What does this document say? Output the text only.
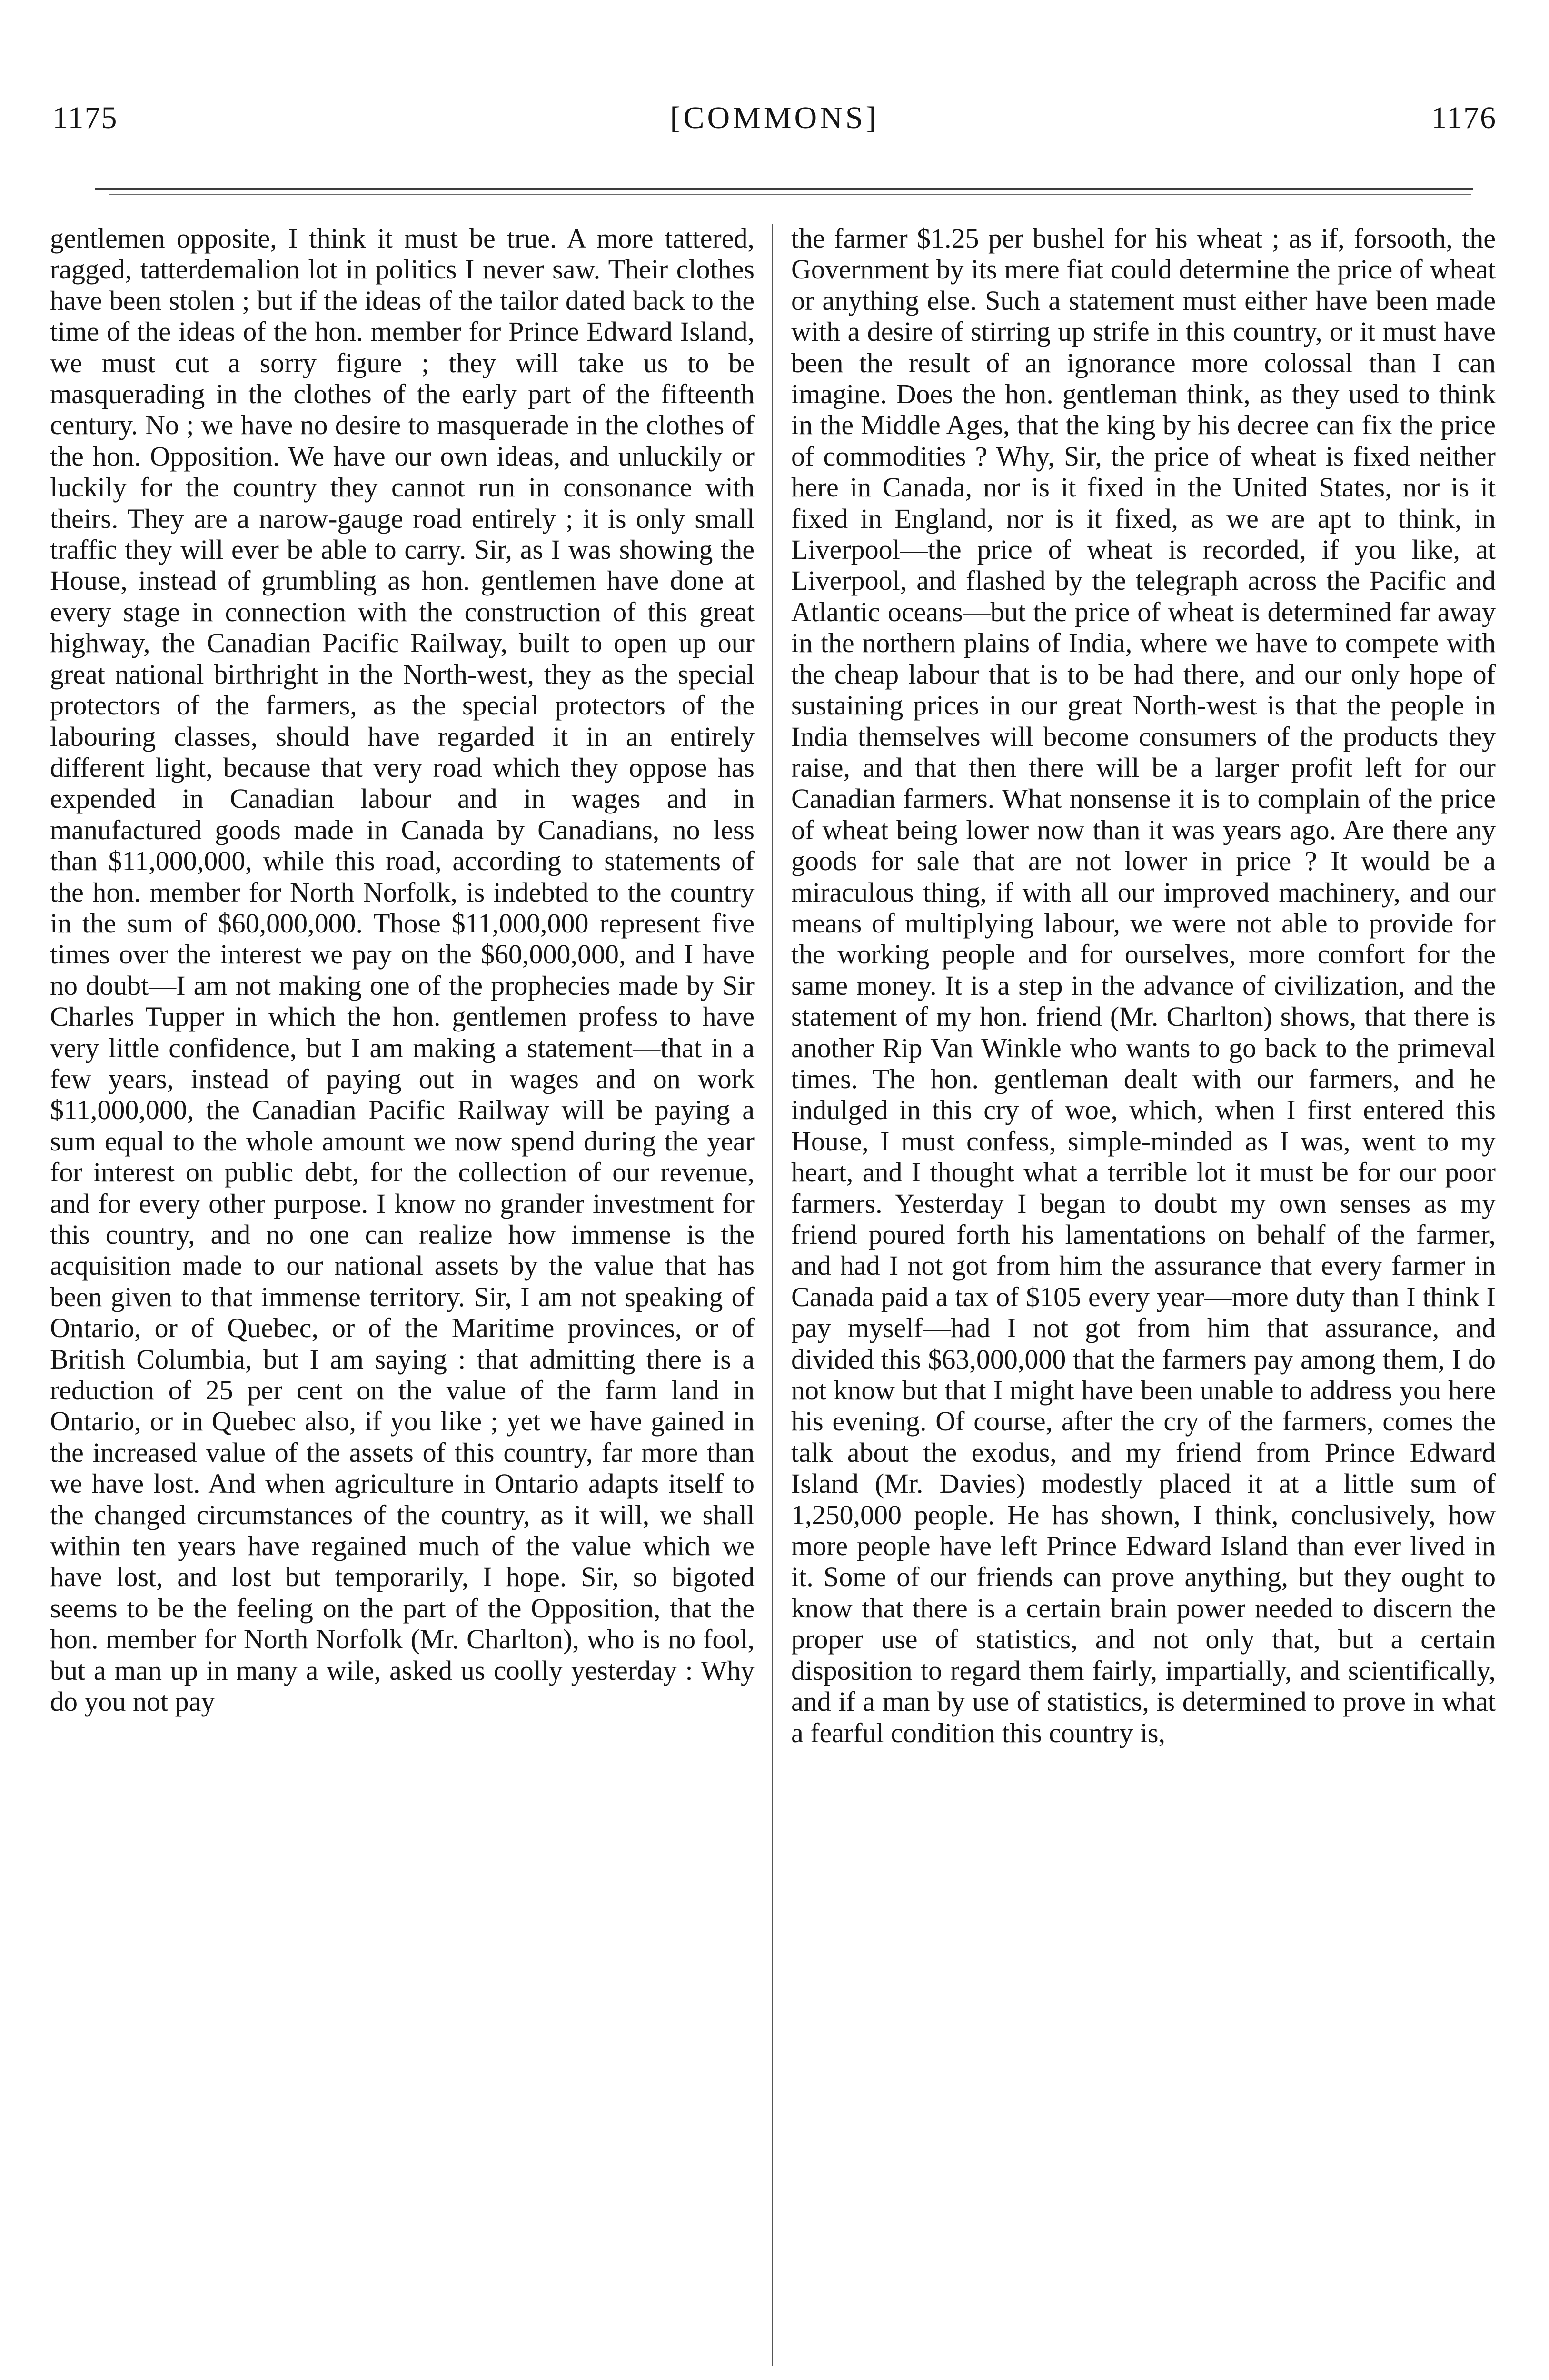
1175	[COMMONS]	1176

gentlemen opposite, I think it must be true. A more tattered, ragged, tatterdemalion lot in politics I never saw. Their clothes have been stolen ; but if the ideas of the tailor dated back to the time of the ideas of the hon. member for Prince Edward Island, we must cut a sorry figure ; they will take us to be masquerading in the clothes of the early part of the fifteenth century. No ; we have no desire to masquerade in the clothes of the hon. Opposition. We have our own ideas, and unluckily or luckily for the country they cannot run in consonance with theirs. They are a narow-gauge road entirely ; it is only small traffic they will ever be able to carry. Sir, as I was showing the House, instead of grumbling as hon. gentlemen have done at every stage in connection with the construction of this great highway, the Canadian Pacific Railway, built to open up our great national birthright in the North-west, they as the special protectors of the farmers, as the special protectors of the labouring classes, should have regarded it in an entirely different light, because that very road which they oppose has expended in Canadian labour and in wages and in manufactured goods made in Canada by Canadians, no less than $11,000,000, while this road, according to statements of the hon. member for North Norfolk, is indebted to the country in the sum of $60,000,000. Those $11,000,000 represent five times over the interest we pay on the $60,000,000, and I have no doubt—I am not making one of the prophecies made by Sir Charles Tupper in which the hon. gentlemen profess to have very little confidence, but I am making a statement—that in a few years, instead of paying out in wages and on work $11,000,000, the Canadian Pacific Railway will be paying a sum equal to the whole amount we now spend during the year for interest on public debt, for the collection of our revenue, and for every other purpose. I know no grander investment for this country, and no one can realize how immense is the acquisition made to our national assets by the value that has been given to that immense territory. Sir, I am not speaking of Ontario, or of Quebec, or of the Maritime provinces, or of British Columbia, but I am saying : that admitting there is a reduction of 25 per cent on the value of the farm land in Ontario, or in Quebec also, if you like ; yet we have gained in the increased value of the assets of this country, far more than we have lost. And when agriculture in Ontario adapts itself to the changed circumstances of the country, as it will, we shall within ten years have regained much of the value which we have lost, and lost but temporarily, I hope. Sir, so bigoted seems to be the feeling on the part of the Opposition, that the hon. member for North Norfolk (Mr. Charlton), who is no fool, but a man up in many a wile, asked us coolly yesterday : Why do you not pay

the farmer $1.25 per bushel for his wheat ; as if, forsooth, the Government by its mere fiat could determine the price of wheat or anything else. Such a statement must either have been made with a desire of stirring up strife in this country, or it must have been the result of an ignorance more colossal than I can imagine. Does the hon. gentleman think, as they used to think in the Middle Ages, that the king by his decree can fix the price of commodities ? Why, Sir, the price of wheat is fixed neither here in Canada, nor is it fixed in the United States, nor is it fixed in England, nor is it fixed, as we are apt to think, in Liverpool—the price of wheat is recorded, if you like, at Liverpool, and flashed by the telegraph across the Pacific and Atlantic oceans—but the price of wheat is determined far away in the northern plains of India, where we have to compete with the cheap labour that is to be had there, and our only hope of sustaining prices in our great North-west is that the people in India themselves will become consumers of the products they raise, and that then there will be a larger profit left for our Canadian farmers. What nonsense it is to complain of the price of wheat being lower now than it was years ago. Are there any goods for sale that are not lower in price ? It would be a miraculous thing, if with all our improved machinery, and our means of multiplying labour, we were not able to provide for the working people and for ourselves, more comfort for the same money. It is a step in the advance of civilization, and the statement of my hon. friend (Mr. Charlton) shows, that there is another Rip Van Winkle who wants to go back to the primeval times. The hon. gentleman dealt with our farmers, and he indulged in this cry of woe, which, when I first entered this House, I must confess, simple-minded as I was, went to my heart, and I thought what a terrible lot it must be for our poor farmers. Yesterday I began to doubt my own senses as my friend poured forth his lamentations on behalf of the farmer, and had I not got from him the assurance that every farmer in Canada paid a tax of $105 every year—more duty than I think I pay myself—had I not got from him that assurance, and divided this $63,000,000 that the farmers pay among them, I do not know but that I might have been unable to address you here his evening. Of course, after the cry of the farmers, comes the talk about the exodus, and my friend from Prince Edward Island (Mr. Davies) modestly placed it at a little sum of 1,250,000 people. He has shown, I think, conclusively, how more people have left Prince Edward Island than ever lived in it. Some of our friends can prove anything, but they ought to know that there is a certain brain power needed to discern the proper use of statistics, and not only that, but a certain disposition to regard them fairly, impartially, and scientifically, and if a man by use of statistics, is determined to prove in what a fearful condition this country is,
